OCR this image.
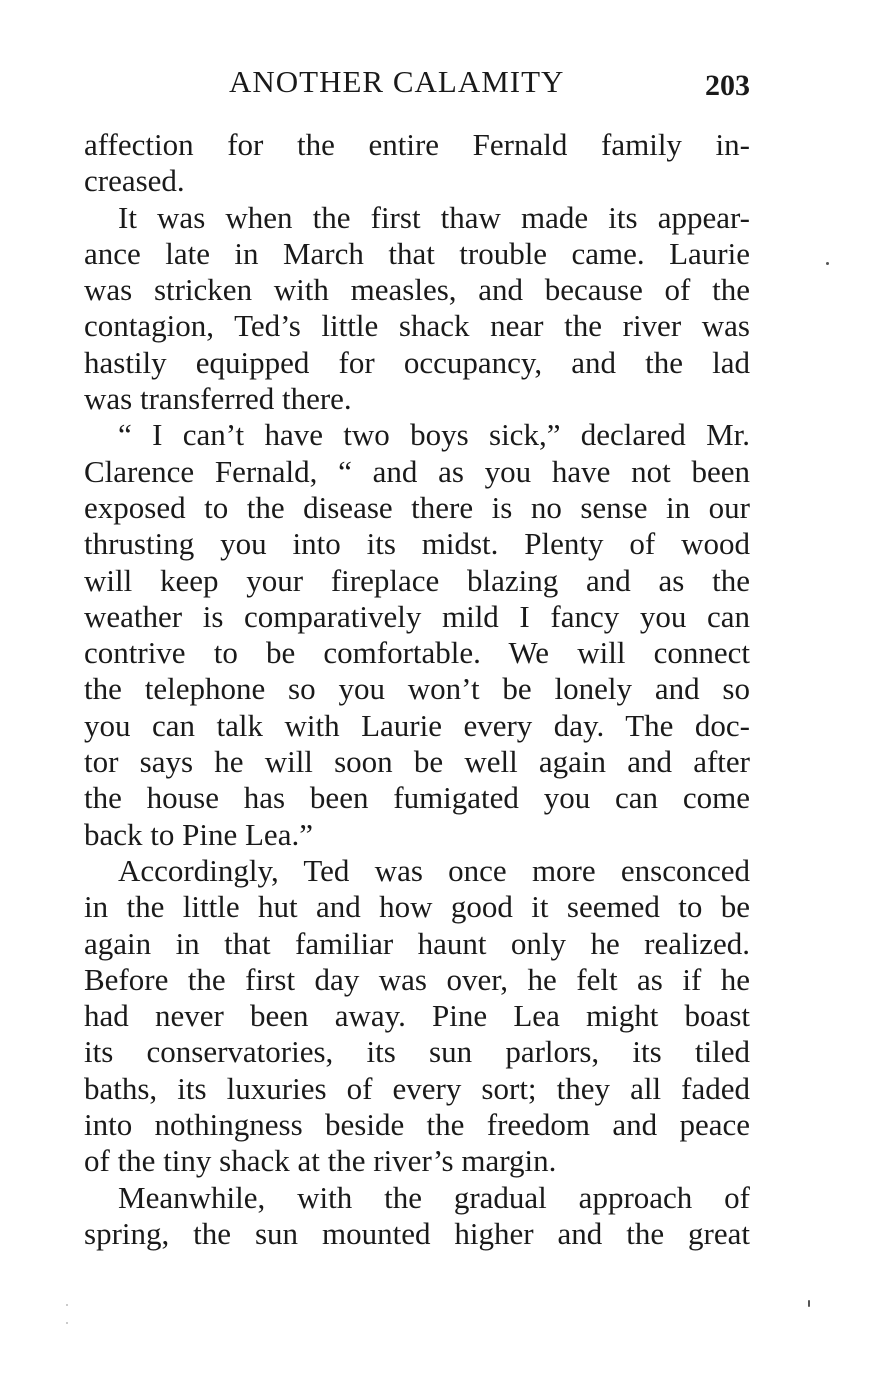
ANOTHER CALAMITY	203
affection for the entire Fernald family in-
creased.
It was when the first thaw made its appear-
ance late in March that trouble came. Laurie
was stricken with measles, and because of the
contagion, Ted’s little shack near the river was
hastily equipped for occupancy, and the lad
was transferred there.
“ I can’t have two boys sick,” declared Mr.
Clarence Fernald, “ and as you have not been
exposed to the disease there is no sense in our
thrusting you into its midst. Plenty of wood
will keep your fireplace blazing and as the
weather is comparatively mild I fancy you can
contrive to be comfortable. We will connect
the telephone so you won’t be lonely and so
you can talk with Laurie every day. The doc-
tor says he will soon be well again and after
the house has been fumigated you can come
back to Pine Lea.”
Accordingly, Ted was once more ensconced
in the little hut and how good it seemed to be
again in that familiar haunt only he realized.
Before the first day was over, he felt as if he
had never been away. Pine Lea might boast
its conservatories, its sun parlors, its tiled
baths, its luxuries of every sort; they all faded
into nothingness beside the freedom and peace
of the tiny shack at the river’s margin.
Meanwhile, with the gradual approach of
spring, the sun mounted higher and the great
